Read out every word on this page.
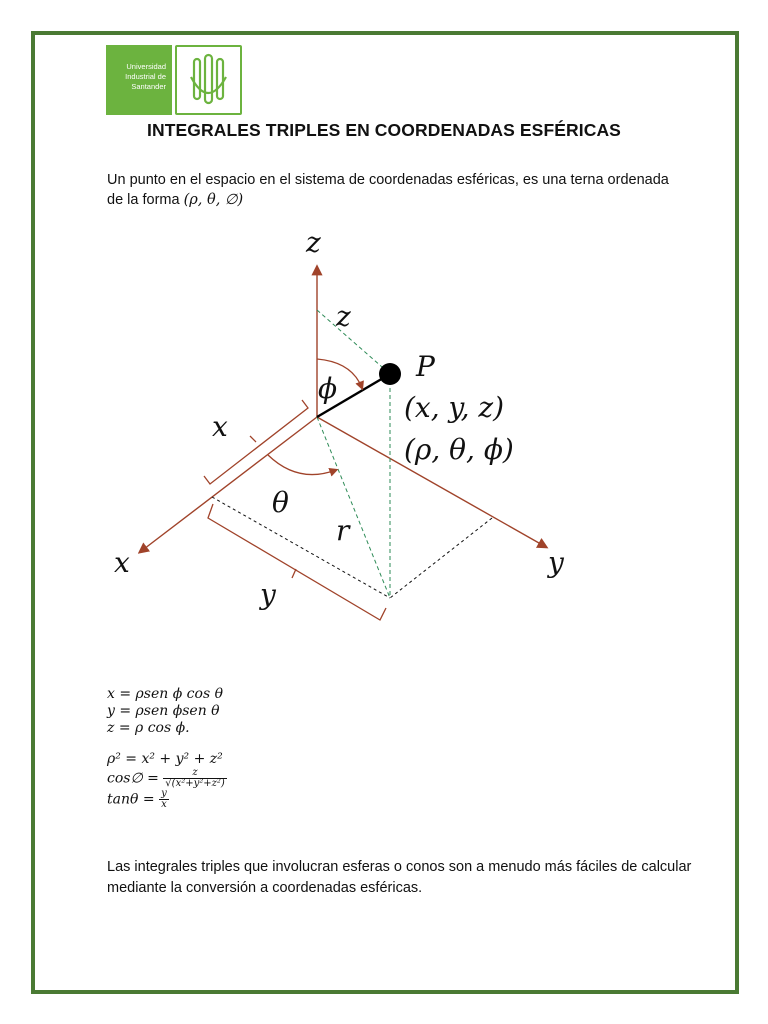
Universidad
Industrial de
Santander
INTEGRALES TRIPLES EN COORDENADAS ESFÉRICAS
Un punto en el espacio en el sistema de coordenadas esféricas, es una terna ordenada de la forma (ρ, θ, ∅)
z
x	y
z
x
y
ϕ
θ
r
P
(x, y, z)
(ρ, θ, ϕ)
x = ρsen ϕ cos θ
y = ρsen ϕsen θ
z = ρ cos ϕ.
ρ² = x² + y² + z²
cos∅ = $\frac{z}{\text{√(x²+y²+z²)}}$
$\tan\theta = \frac{y}{x}$
Las integrales triples que involucran esferas o conos son a menudo más fáciles de calcular mediante la conversión a coordenadas esféricas.
